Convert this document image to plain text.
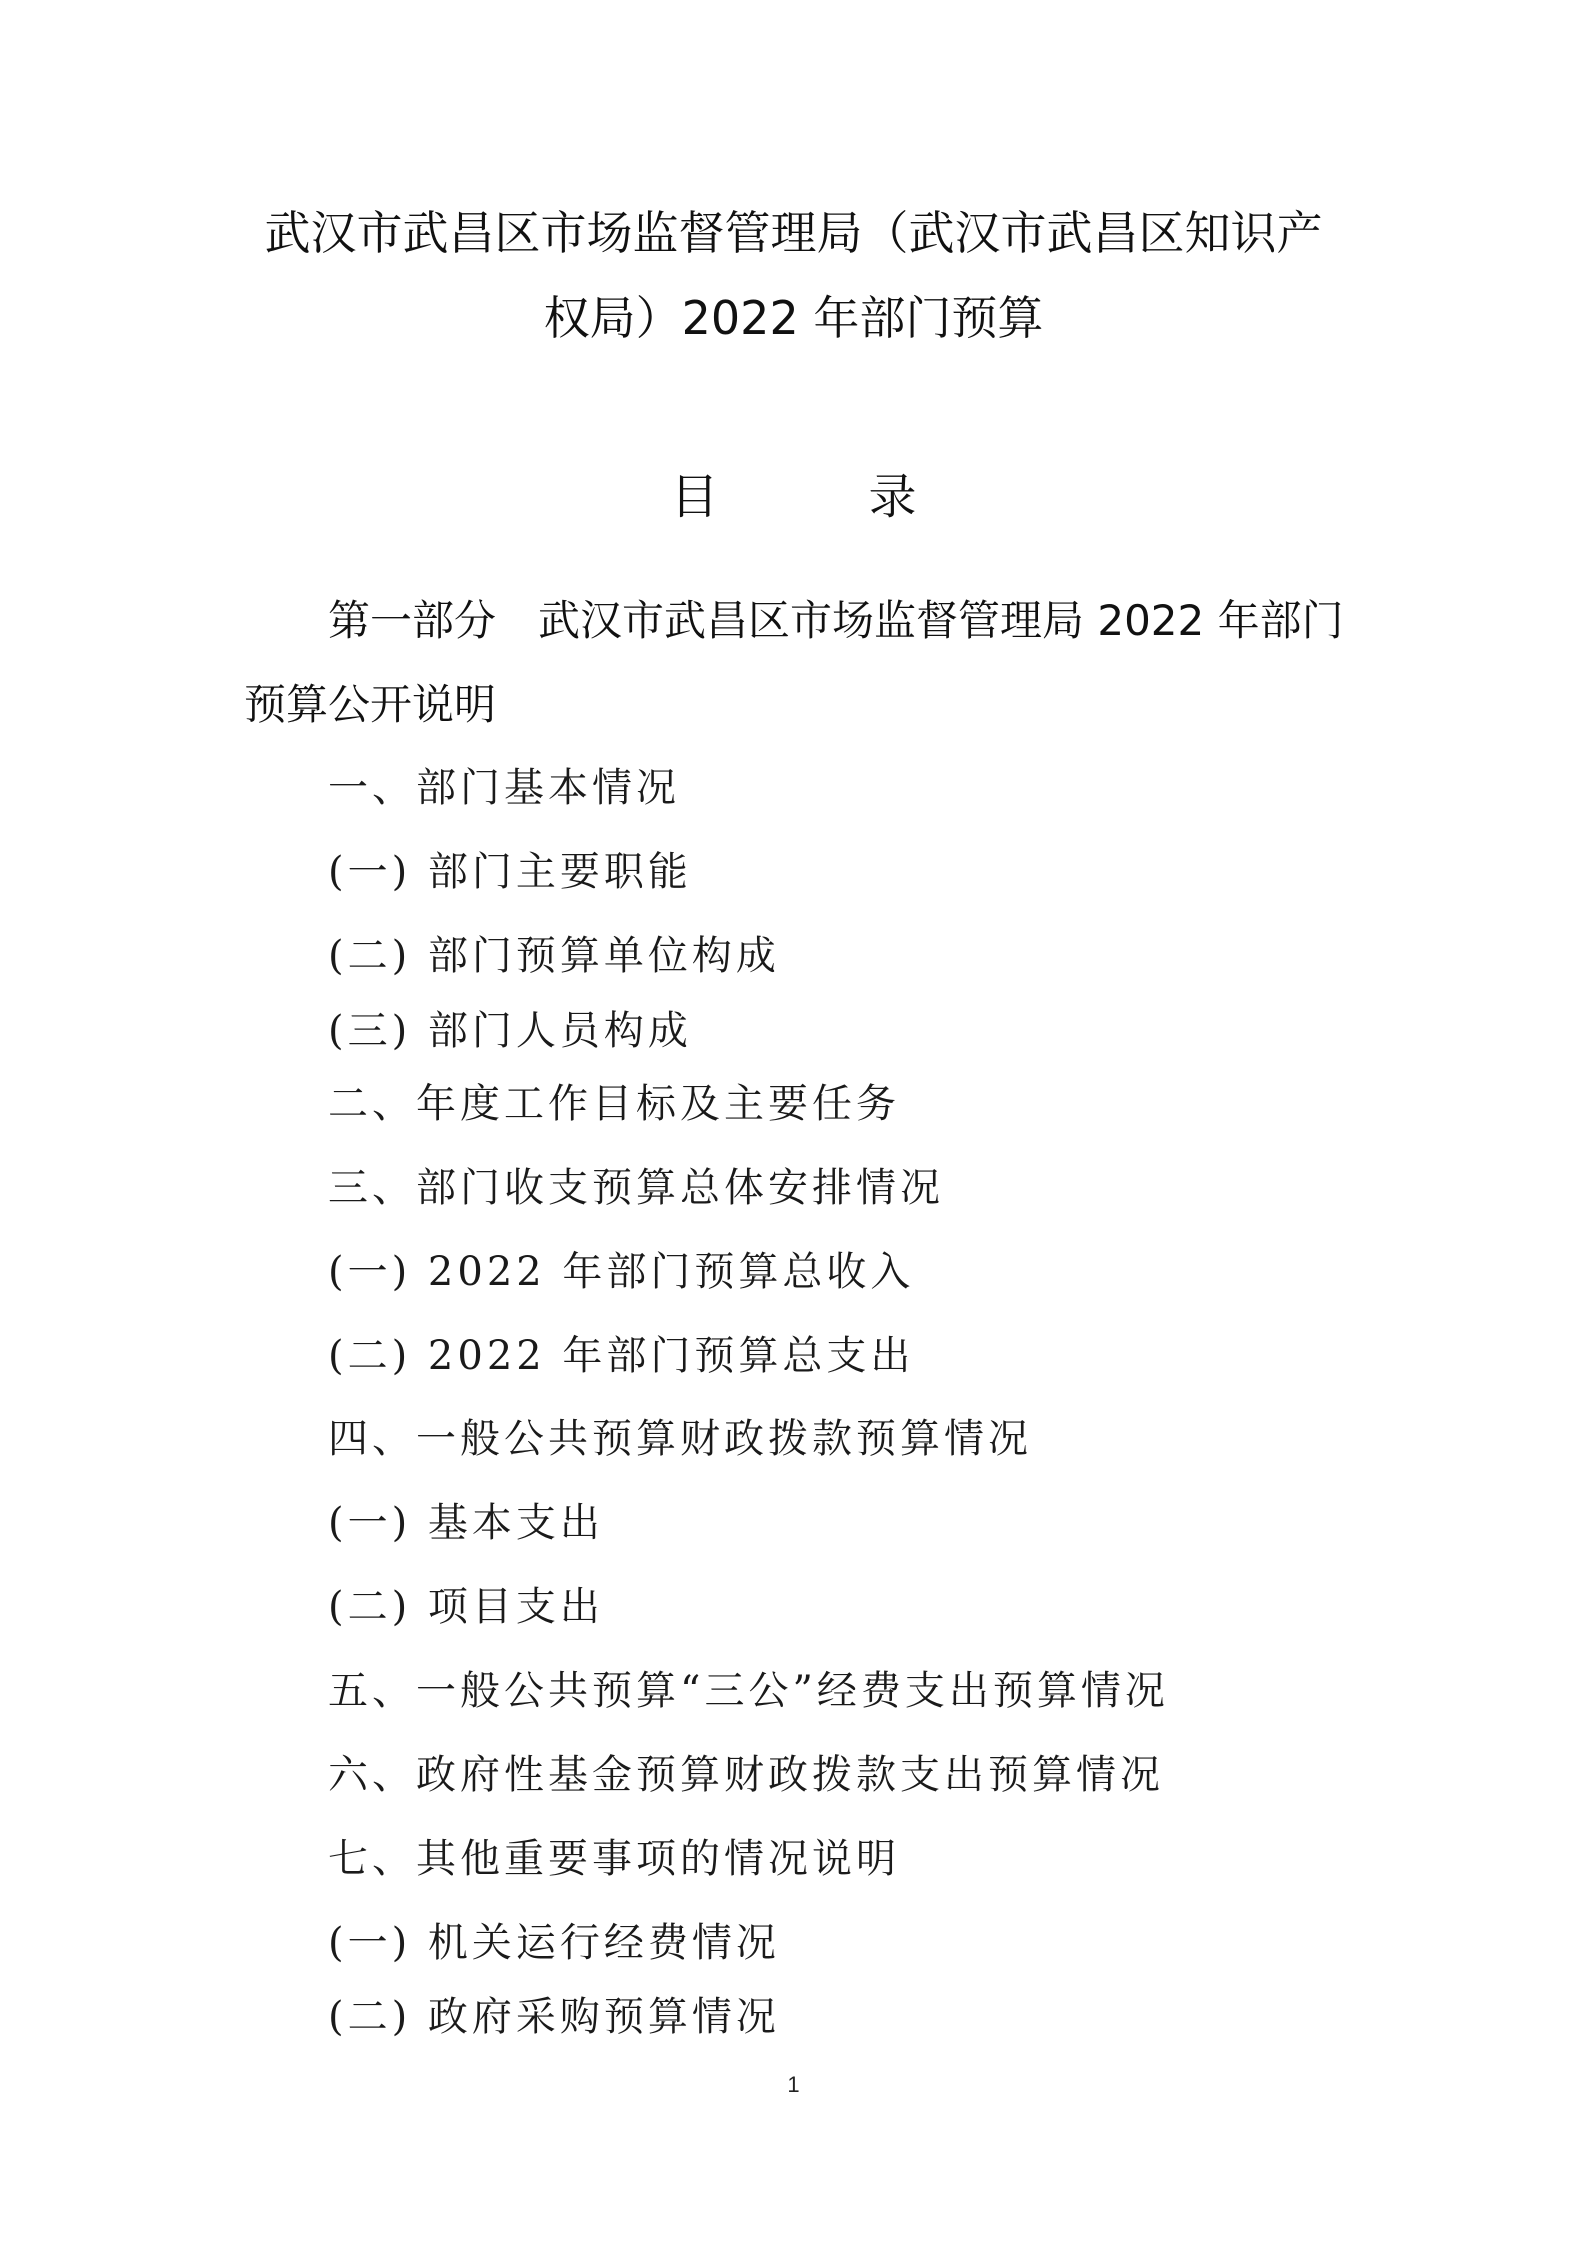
武汉市武昌区市场监督管理局（武汉市武昌区知识产
权局）2022 年部门预算
目	录
第一部分　武汉市武昌区市场监督管理局 2022 年部门
预算公开说明
一、部门基本情况
(一) 部门主要职能
(二) 部门预算单位构成
(三) 部门人员构成
二、年度工作目标及主要任务
三、部门收支预算总体安排情况
(一) 2022 年部门预算总收入
(二) 2022 年部门预算总支出
四、一般公共预算财政拨款预算情况
(一) 基本支出
(二) 项目支出
五、一般公共预算“三公”经费支出预算情况
六、政府性基金预算财政拨款支出预算情况
七、其他重要事项的情况说明
(一) 机关运行经费情况
(二) 政府采购预算情况
1
